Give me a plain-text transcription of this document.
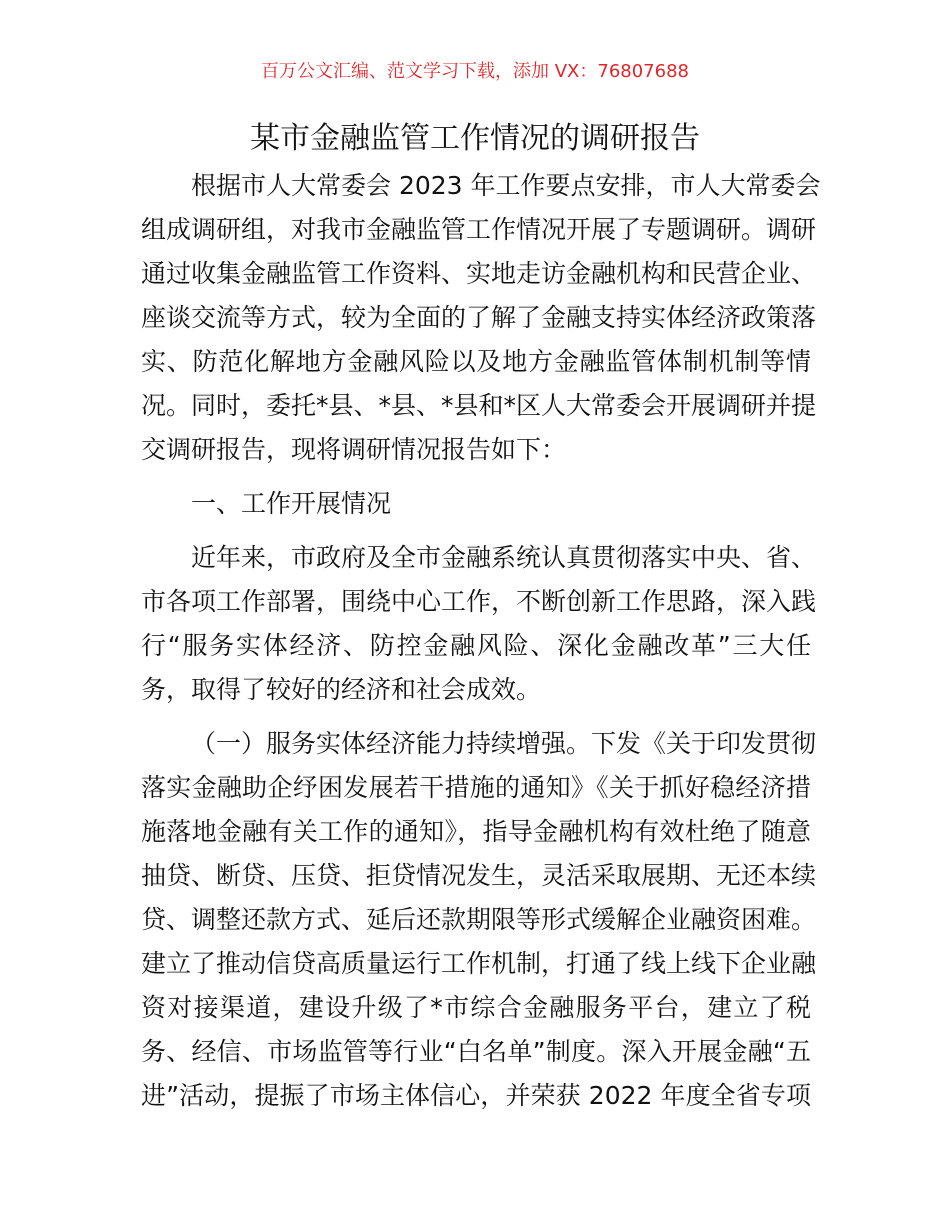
百万公文汇编、范文学习下载，添加 VX：76807688
某市金融监管工作情况的调研报告
根据市人大常委会 2023 年工作要点安排，市人大常委会
组成调研组，对我市金融监管工作情况开展了专题调研。调研
通过收集金融监管工作资料、实地走访金融机构和民营企业、
座谈交流等方式，较为全面的了解了金融支持实体经济政策落
实、防范化解地方金融风险以及地方金融监管体制机制等情
况。同时，委托*县、*县、*县和*区人大常委会开展调研并提
交调研报告，现将调研情况报告如下：
一、工作开展情况
近年来，市政府及全市金融系统认真贯彻落实中央、省、
市各项工作部署，围绕中心工作，不断创新工作思路，深入践
行“服务实体经济、防控金融风险、深化金融改革”三大任
务，取得了较好的经济和社会成效。
（一）服务实体经济能力持续增强。下发《关于印发贯彻
落实金融助企纾困发展若干措施的通知》《关于抓好稳经济措
施落地金融有关工作的通知》，指导金融机构有效杜绝了随意
抽贷、断贷、压贷、拒贷情况发生，灵活采取展期、无还本续
贷、调整还款方式、延后还款期限等形式缓解企业融资困难。
建立了推动信贷高质量运行工作机制，打通了线上线下企业融
资对接渠道，建设升级了*市综合金融服务平台，建立了税
务、经信、市场监管等行业“白名单”制度。深入开展金融“五
进”活动，提振了市场主体信心，并荣获 2022 年度全省专项
